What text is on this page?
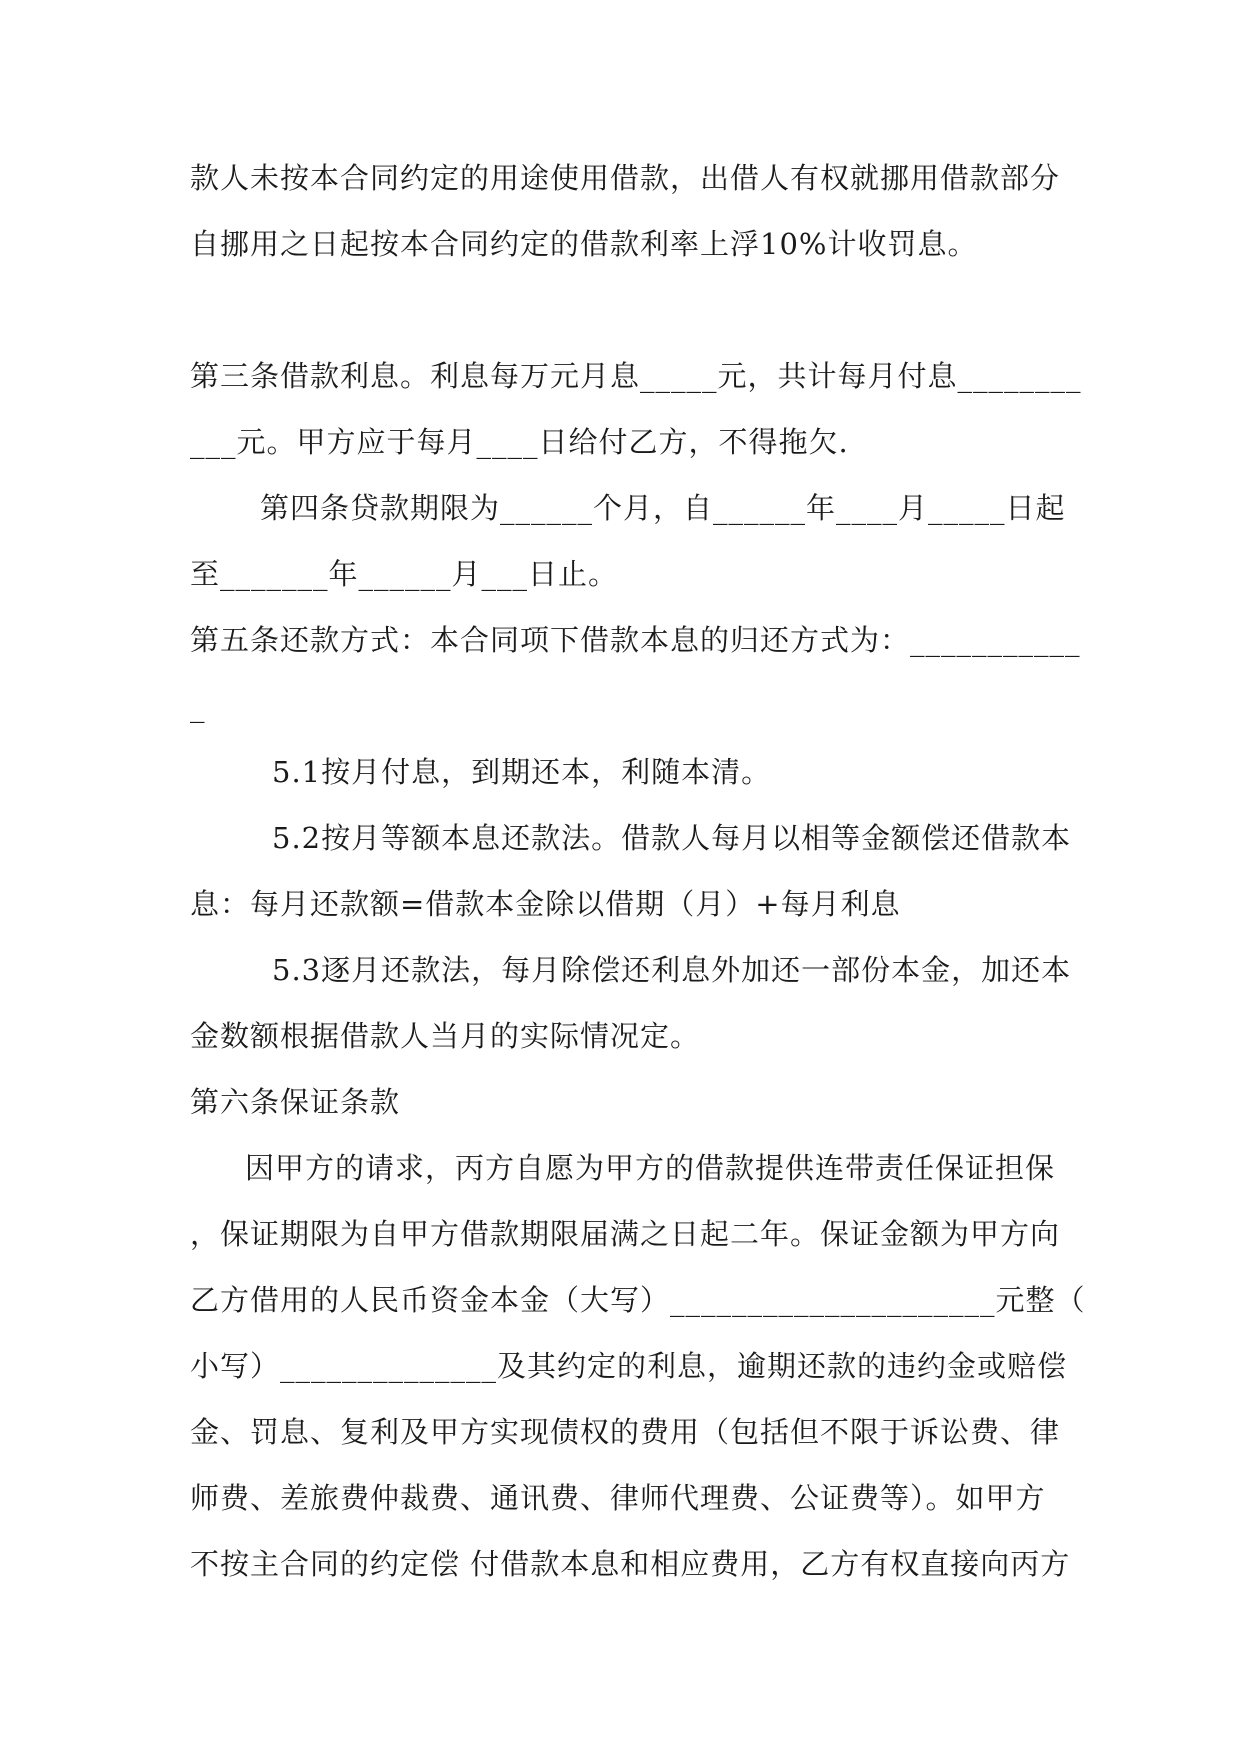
款人未按本合同约定的用途使用借款，出借人有权就挪用借款部分
自挪用之日起按本合同约定的借款利率上浮10%计收罚息。
第三条借款利息。利息每万元月息_____元，共计每月付息________
___元。甲方应于每月____日给付乙方，不得拖欠.
第四条贷款期限为______个月，自______年____月_____日起
至_______年______月___日止。
第五条还款方式：本合同项下借款本息的归还方式为：___________
_
5.1按月付息，到期还本，利随本清。
5.2按月等额本息还款法。借款人每月以相等金额偿还借款本
息：每月还款额=借款本金除以借期（月）+每月利息
5.3逐月还款法，每月除偿还利息外加还一部份本金，加还本
金数额根据借款人当月的实际情况定。
第六条保证条款
因甲方的请求，丙方自愿为甲方的借款提供连带责任保证担保
，保证期限为自甲方借款期限届满之日起二年。保证金额为甲方向
乙方借用的人民币资金本金（大写）_____________________元整（
小写）______________及其约定的利息，逾期还款的违约金或赔偿
金、罚息、复利及甲方实现债权的费用（包括但不限于诉讼费、律
师费、差旅费仲裁费、通讯费、律师代理费、公证费等）。如甲方
不按主合同的约定偿 付借款本息和相应费用，乙方有权直接向丙方
